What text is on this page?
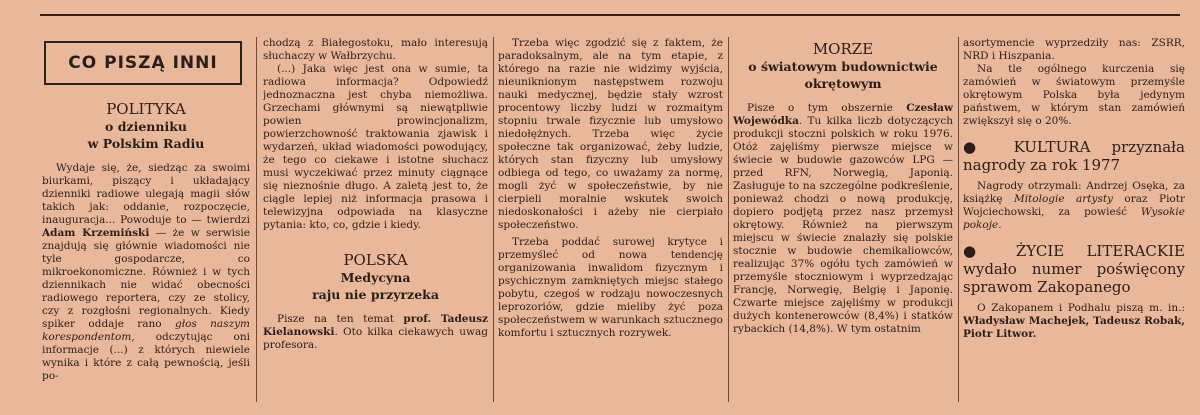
CO PISZĄ INNI
POLITYKA
o dzienniku
w Polskim Radiu

Wydaje się, że, siedząc za swoimi biurkami, piszący i układający dzienniki radiowe ulegają magii słów takich jak: oddanie, rozpoczęcie, inauguracja... Powoduje to — twierdzi Adam Krzemiński — że w serwisie znajdują się głównie wiadomości nie tyle gospodarcze, co mikroekonomiczne. Również i w tych dziennikach nie widać obecności radiowego reportera, czy ze stolicy, czy z rozgłośni regionalnych. Kiedy spiker oddaje rano głos naszym korespondentom, odczytując oni informacje (...) z których niewiele wynika i które z całą pewnością, jeśli po-

chodzą z Białegostoku, mało interesują słuchaczy w Wałbrzychu.

(...) Jaka więc jest ona w sumie, ta radiowa informacja? Odpowiedź jednoznaczna jest chyba niemożliwa. Grzechami głównymi są niewątpliwie powien prowincjonalizm, powierzchowność traktowania zjawisk i wydarzeń, układ wiadomości powodujący, że tego co ciekawe i istotne słuchacz musi wyczekiwać przez minuty ciągnące się nieznośnie długo. A zaletą jest to, że ciągle lepiej niż informacja prasowa i telewizyjna odpowiada na klasyczne pytania: kto, co, gdzie i kiedy.

POLSKA
Medycyna
raju nie przyrzeka

Pisze na ten temat prof. Tadeusz Kielanowski. Oto kilka ciekawych uwag profesora.

Trzeba więc zgodzić się z faktem, że paradoksalnym, ale na tym etapie, z którego na razie nie widzimy wyjścia, nieuniknionym następstwem rozwoju nauki medycznej, będzie stały wzrost procentowy liczby ludzi w rozmaitym stopniu trwale fizycznie lub umysłowo niedołężnych. Trzeba więc życie społeczne tak organizować, żeby ludzie, których stan fizyczny lub umysłowy odbiega od tego, co uważamy za normę, mogli żyć w społeczeństwie, by nie cierpieli moralnie wskutek swoich niedoskonałości i ażeby nie cierpiało społeczeństwo.

Trzeba poddać surowej krytyce i przemyśleć od nowa tendencję organizowania inwalidom fizycznym i psychicznym zamkniętych miejsc stałego pobytu, czegoś w rodzaju nowoczesnych leprozoriów, gdzie mieliby żyć poza społeczeństwem w warunkach sztucznego komfortu i sztucznych rozrywek.

MORZE
o światowym budownictwie
okrętowym

Pisze o tym obszernie Czesław Wojewódka. Tu kilka liczb dotyczących produkcji stoczni polskich w roku 1976. Otóż zajęliśmy pierwsze miejsce w świecie w budowie gazowców LPG — przed RFN, Norwegią, Japonią. Zasługuje to na szczególne podkreślenie, ponieważ chodzi o nową produkcję, dopiero podjętą przez nasz przemysł okrętowy. Również na pierwszym miejscu w świecie znalazły się polskie stocznie w budowie chemikaliowców, realizując 37% ogółu tych zamówień w przemyśle stoczniowym i wyprzedzając Francję, Norwegię, Belgię i Japonię. Czwarte miejsce zajęliśmy w produkcji dużych kontenerowców (8,4%) i statków rybackich (14,8%). W tym ostatnim

asortymencie wyprzedziły nas: ZSRR, NRD i Hiszpania.

Na tle ogólnego kurczenia się zamówień w światowym przemyśle okrętowym Polska była jedynym państwem, w którym stan zamówień zwiększył się o 20%.

● KULTURA przyznała nagrody za rok 1977

Nagrody otrzymali: Andrzej Osęka, za książkę Mitologie artysty oraz Piotr Wojciechowski, za powieść Wysokie pokoje.

● ŻYCIE LITERACKIE wydało numer poświęcony sprawom Zakopanego

O Zakopanem i Podhalu piszą m. in.: Władysław Machejek, Tadeusz Robak, Piotr Litwor.
